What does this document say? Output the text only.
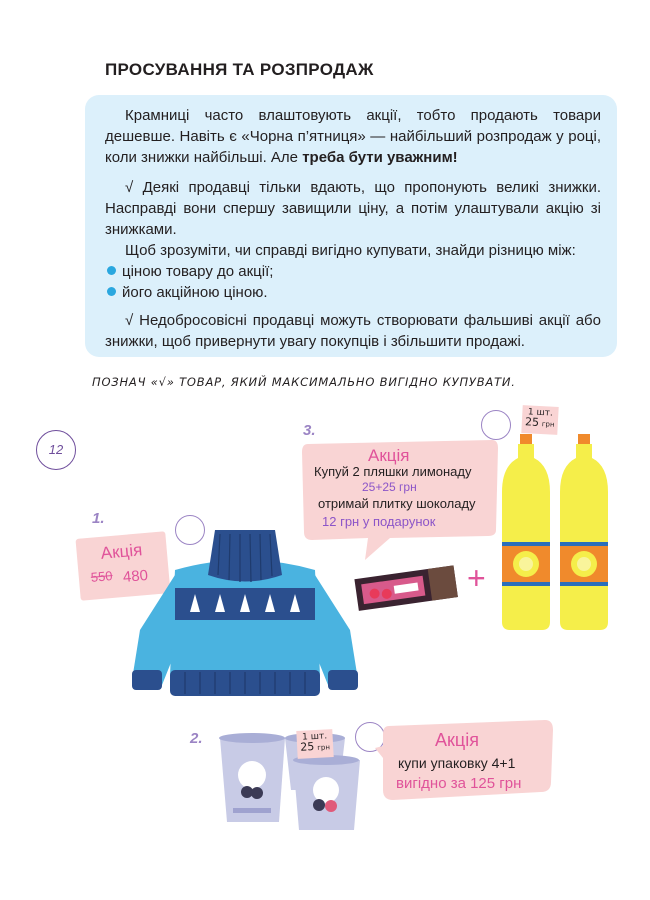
ПРОСУВАННЯ ТА РОЗПРОДАЖ
Крамниці часто влаштовують акції, тобто продають товари дешевше. Навіть є «Чорна п’ятниця» — найбільший розпродаж у році, коли знижки найбільші. Але треба бути уважним!
√ Деякі продавці тільки вдають, що пропонують великі знижки. Насправді вони спершу завищили ціну, а потім улаштували акцію зі знижками.
Щоб зрозуміти, чи справді вигідно купувати, знайди різницю між:
ціною товару до акції;
його акційною ціною.
√ Недобросовісні продавці можуть створювати фальшиві акції або знижки, щоб привернути увагу покупців і збільшити продажі.
ПОЗНАЧ «√» ТОВАР, ЯКИЙ МАКСИМАЛЬНО ВИГІДНО КУПУВАТИ.
12
1.
Акція
550 480
2.	1 шт.
25 грн	Акція
купи упаковку 4+1
вигідно за 125 грн
3.
Акція
Купуй 2 пляшки лимонаду
25+25 грн
отримай плитку шоколаду
12 грн у подарунок
+
1 шт.
25 грн
